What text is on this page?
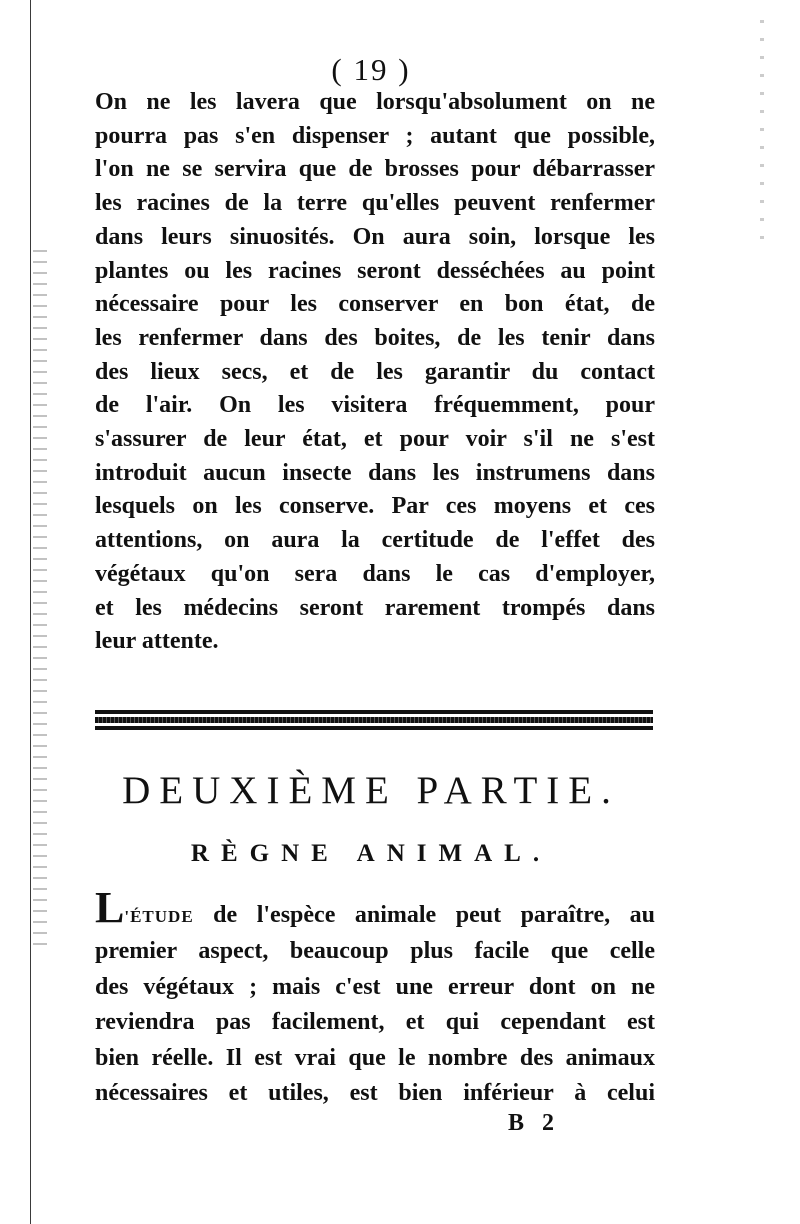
( 19 )
On ne les lavera que lorsqu'absolument on ne
pourra pas s'en dispenser ; autant que possible,
l'on ne se servira que de brosses pour débarrasser
les racines de la terre qu'elles peuvent renfermer
dans leurs sinuosités. On aura soin, lorsque les
plantes ou les racines seront desséchées au point
nécessaire pour les conserver en bon état, de
les renfermer dans des boites, de les tenir dans
des lieux secs, et de les garantir du contact
de l'air. On les visitera fréquemment, pour
s'assurer de leur état, et pour voir s'il ne s'est
introduit aucun insecte dans les instrumens dans
lesquels on les conserve. Par ces moyens et ces
attentions, on aura la certitude de l'effet des
végétaux qu'on sera dans le cas d'employer,
et les médecins seront rarement trompés dans
leur attente.
DEUXIÈME PARTIE.
RÈGNE ANIMAL.
L'ÉTUDE de l'espèce animale peut paraître, au
premier aspect, beaucoup plus facile que celle
des végétaux ; mais c'est une erreur dont on ne
reviendra pas facilement, et qui cependant est
bien réelle. Il est vrai que le nombre des animaux
nécessaires et utiles, est bien inférieur à celui
B 2
